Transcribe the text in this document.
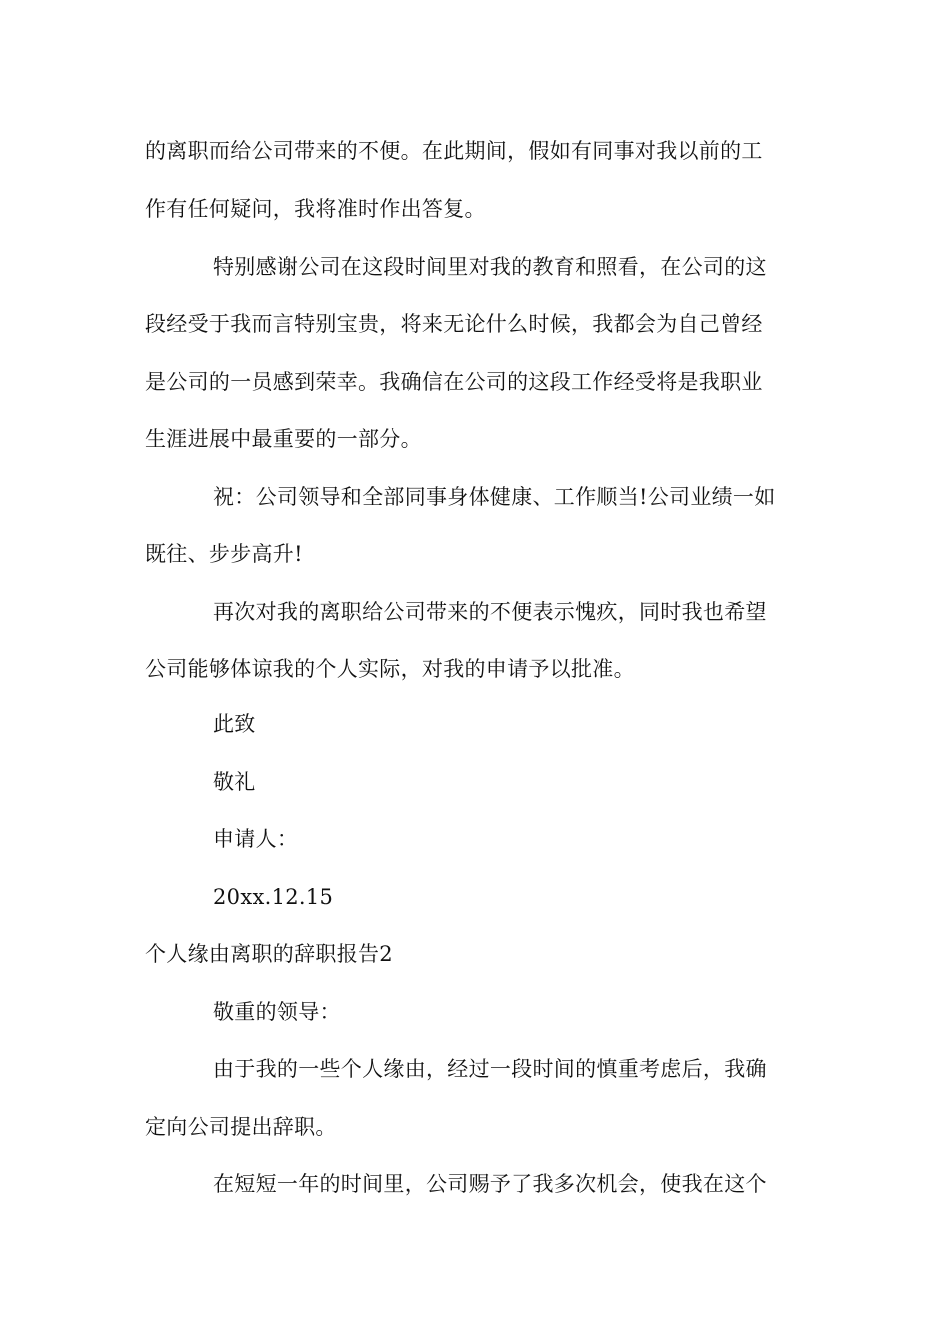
的离职而给公司带来的不便。在此期间，假如有同事对我以前的工
作有任何疑问，我将准时作出答复。
特别感谢公司在这段时间里对我的教育和照看，在公司的这
段经受于我而言特别宝贵，将来无论什么时候，我都会为自己曾经
是公司的一员感到荣幸。我确信在公司的这段工作经受将是我职业
生涯进展中最重要的一部分。
祝：公司领导和全部同事身体健康、工作顺当!公司业绩一如
既往、步步高升!
再次对我的离职给公司带来的不便表示愧疚，同时我也希望
公司能够体谅我的个人实际，对我的申请予以批准。
此致
敬礼
申请人：
20xx.12.15
个人缘由离职的辞职报告2
敬重的领导：
由于我的一些个人缘由，经过一段时间的慎重考虑后，我确
定向公司提出辞职。
在短短一年的时间里，公司赐予了我多次机会，使我在这个
